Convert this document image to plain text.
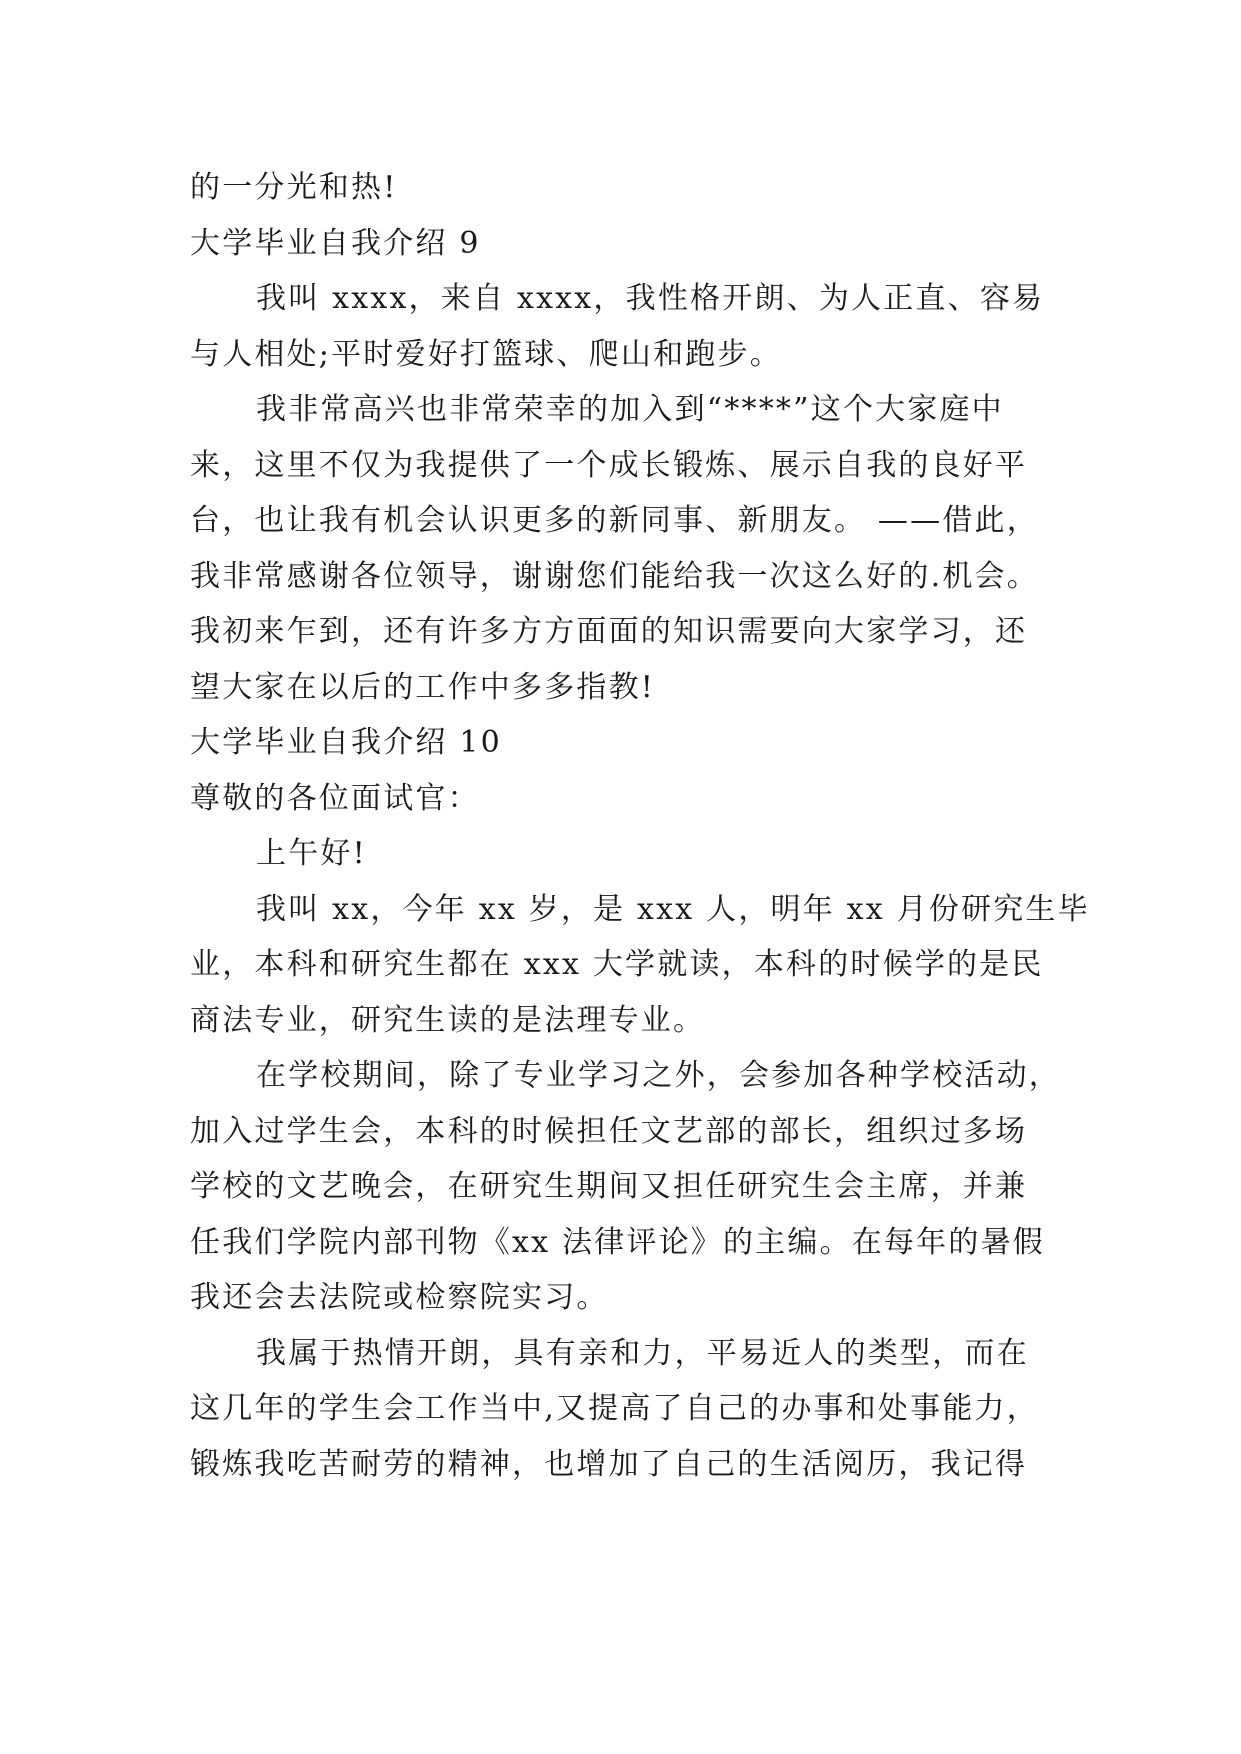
的一分光和热!
大学毕业自我介绍 9
我叫 xxxx，来自 xxxx，我性格开朗、为人正直、容易
与人相处;平时爱好打篮球、爬山和跑步。
我非常高兴也非常荣幸的加入到“****”这个大家庭中
来，这里不仅为我提供了一个成长锻炼、展示自我的良好平
台，也让我有机会认识更多的新同事、新朋友。 ——借此，
我非常感谢各位领导，谢谢您们能给我一次这么好的.机会。
我初来乍到，还有许多方方面面的知识需要向大家学习，还
望大家在以后的工作中多多指教!
大学毕业自我介绍 10
尊敬的各位面试官：
上午好!
我叫 xx，今年 xx 岁，是 xxx 人，明年 xx 月份研究生毕
业，本科和研究生都在 xxx 大学就读，本科的时候学的是民
商法专业，研究生读的是法理专业。
在学校期间，除了专业学习之外，会参加各种学校活动，
加入过学生会，本科的时候担任文艺部的部长，组织过多场
学校的文艺晚会，在研究生期间又担任研究生会主席，并兼
任我们学院内部刊物《xx 法律评论》的主编。在每年的暑假
我还会去法院或检察院实习。
我属于热情开朗，具有亲和力，平易近人的类型，而在
这几年的学生会工作当中,又提高了自己的办事和处事能力，
锻炼我吃苦耐劳的精神，也增加了自己的生活阅历，我记得
